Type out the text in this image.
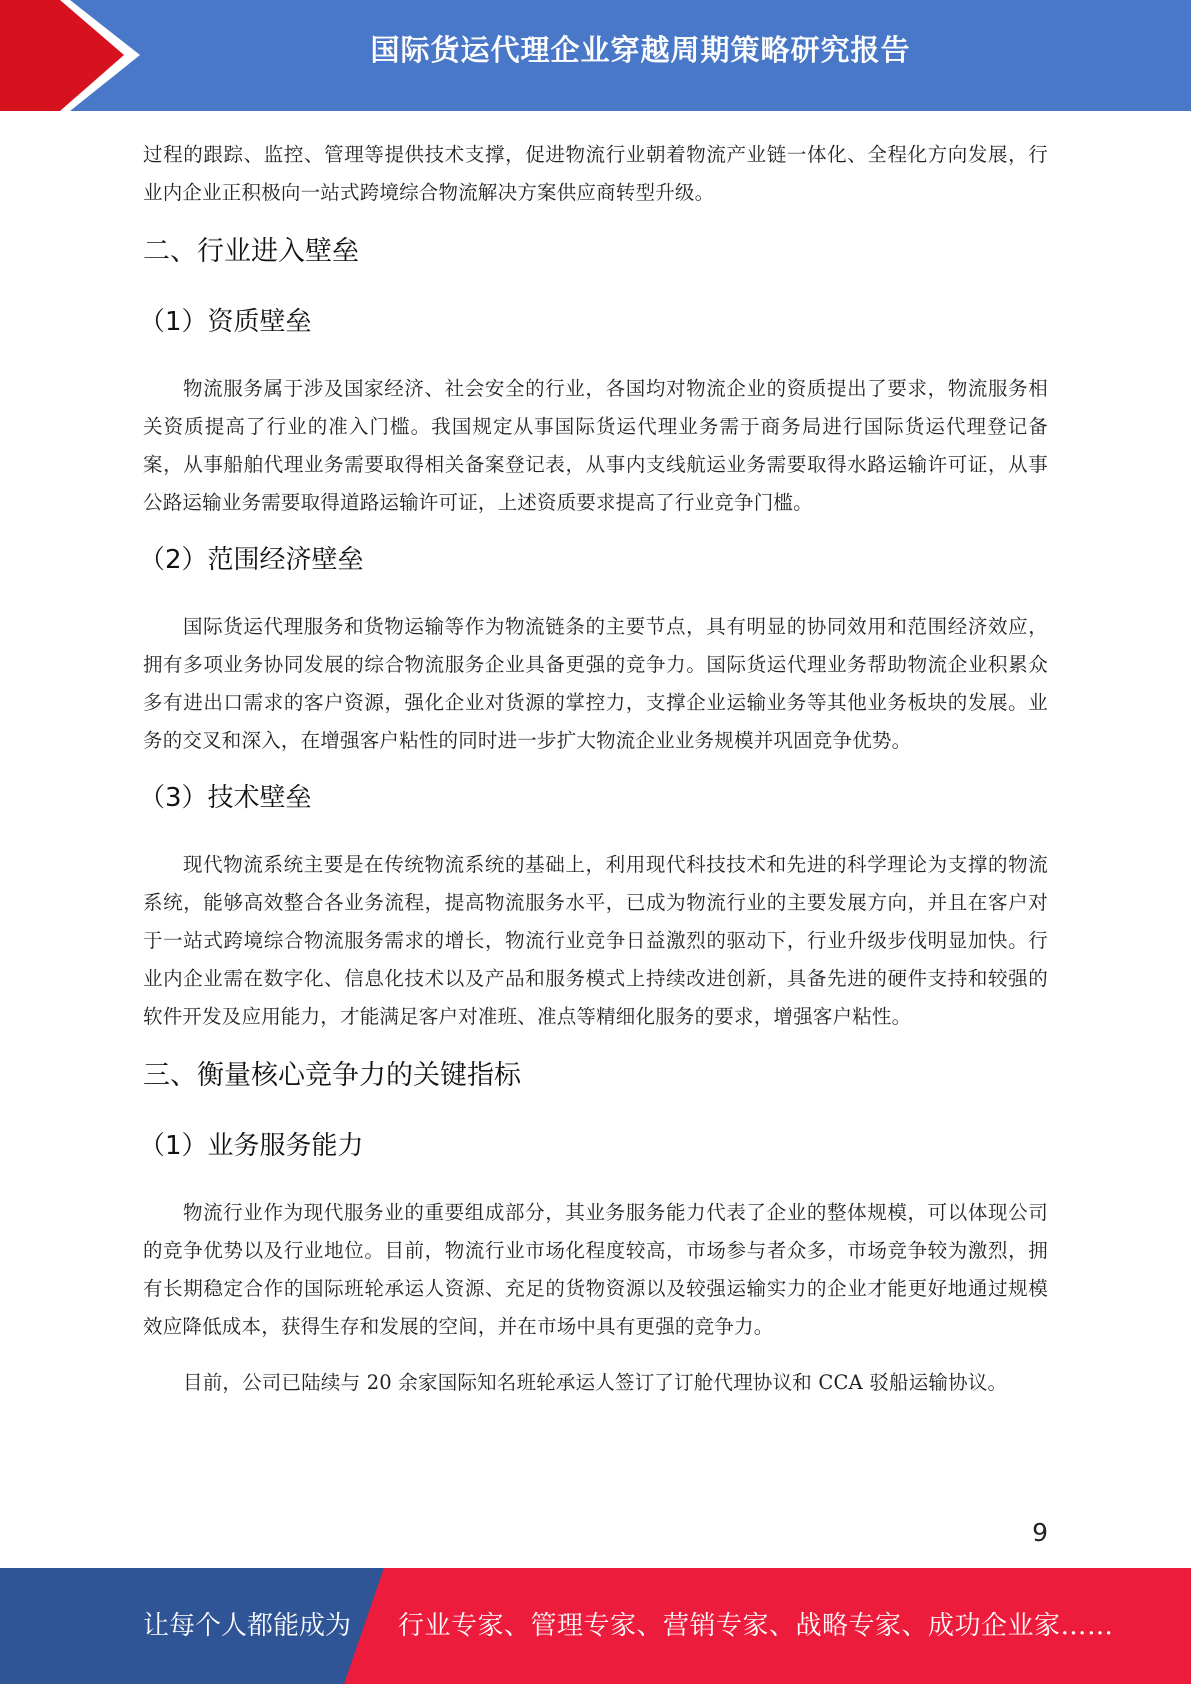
国际货运代理企业穿越周期策略研究报告

过程的跟踪、监控、管理等提供技术支撑，促进物流行业朝着物流产业链一体化、全程化方向发展，行业内企业正积极向一站式跨境综合物流解决方案供应商转型升级。

二、行业进入壁垒
（1）资质壁垒

物流服务属于涉及国家经济、社会安全的行业，各国均对物流企业的资质提出了要求，物流服务相关资质提高了行业的准入门槛。我国规定从事国际货运代理业务需于商务局进行国际货运代理登记备案，从事船舶代理业务需要取得相关备案登记表，从事内支线航运业务需要取得水路运输许可证，从事公路运输业务需要取得道路运输许可证，上述资质要求提高了行业竞争门槛。

（2）范围经济壁垒

国际货运代理服务和货物运输等作为物流链条的主要节点，具有明显的协同效用和范围经济效应，拥有多项业务协同发展的综合物流服务企业具备更强的竞争力。国际货运代理业务帮助物流企业积累众多有进出口需求的客户资源，强化企业对货源的掌控力，支撑企业运输业务等其他业务板块的发展。业务的交叉和深入，在增强客户粘性的同时进一步扩大物流企业业务规模并巩固竞争优势。

（3）技术壁垒

现代物流系统主要是在传统物流系统的基础上，利用现代科技技术和先进的科学理论为支撑的物流系统，能够高效整合各业务流程，提高物流服务水平，已成为物流行业的主要发展方向，并且在客户对于一站式跨境综合物流服务需求的增长，物流行业竞争日益激烈的驱动下，行业升级步伐明显加快。行业内企业需在数字化、信息化技术以及产品和服务模式上持续改进创新，具备先进的硬件支持和较强的软件开发及应用能力，才能满足客户对准班、准点等精细化服务的要求，增强客户粘性。

三、衡量核心竞争力的关键指标
（1）业务服务能力

物流行业作为现代服务业的重要组成部分，其业务服务能力代表了企业的整体规模，可以体现公司的竞争优势以及行业地位。目前，物流行业市场化程度较高，市场参与者众多，市场竞争较为激烈，拥有长期稳定合作的国际班轮承运人资源、充足的货物资源以及较强运输实力的企业才能更好地通过规模效应降低成本，获得生存和发展的空间，并在市场中具有更强的竞争力。

目前，公司已陆续与 20 余家国际知名班轮承运人签订了订舱代理协议和 CCA 驳船运输协议。

9
让每个人都能成为 行业专家、管理专家、营销专家、战略专家、成功企业家……
